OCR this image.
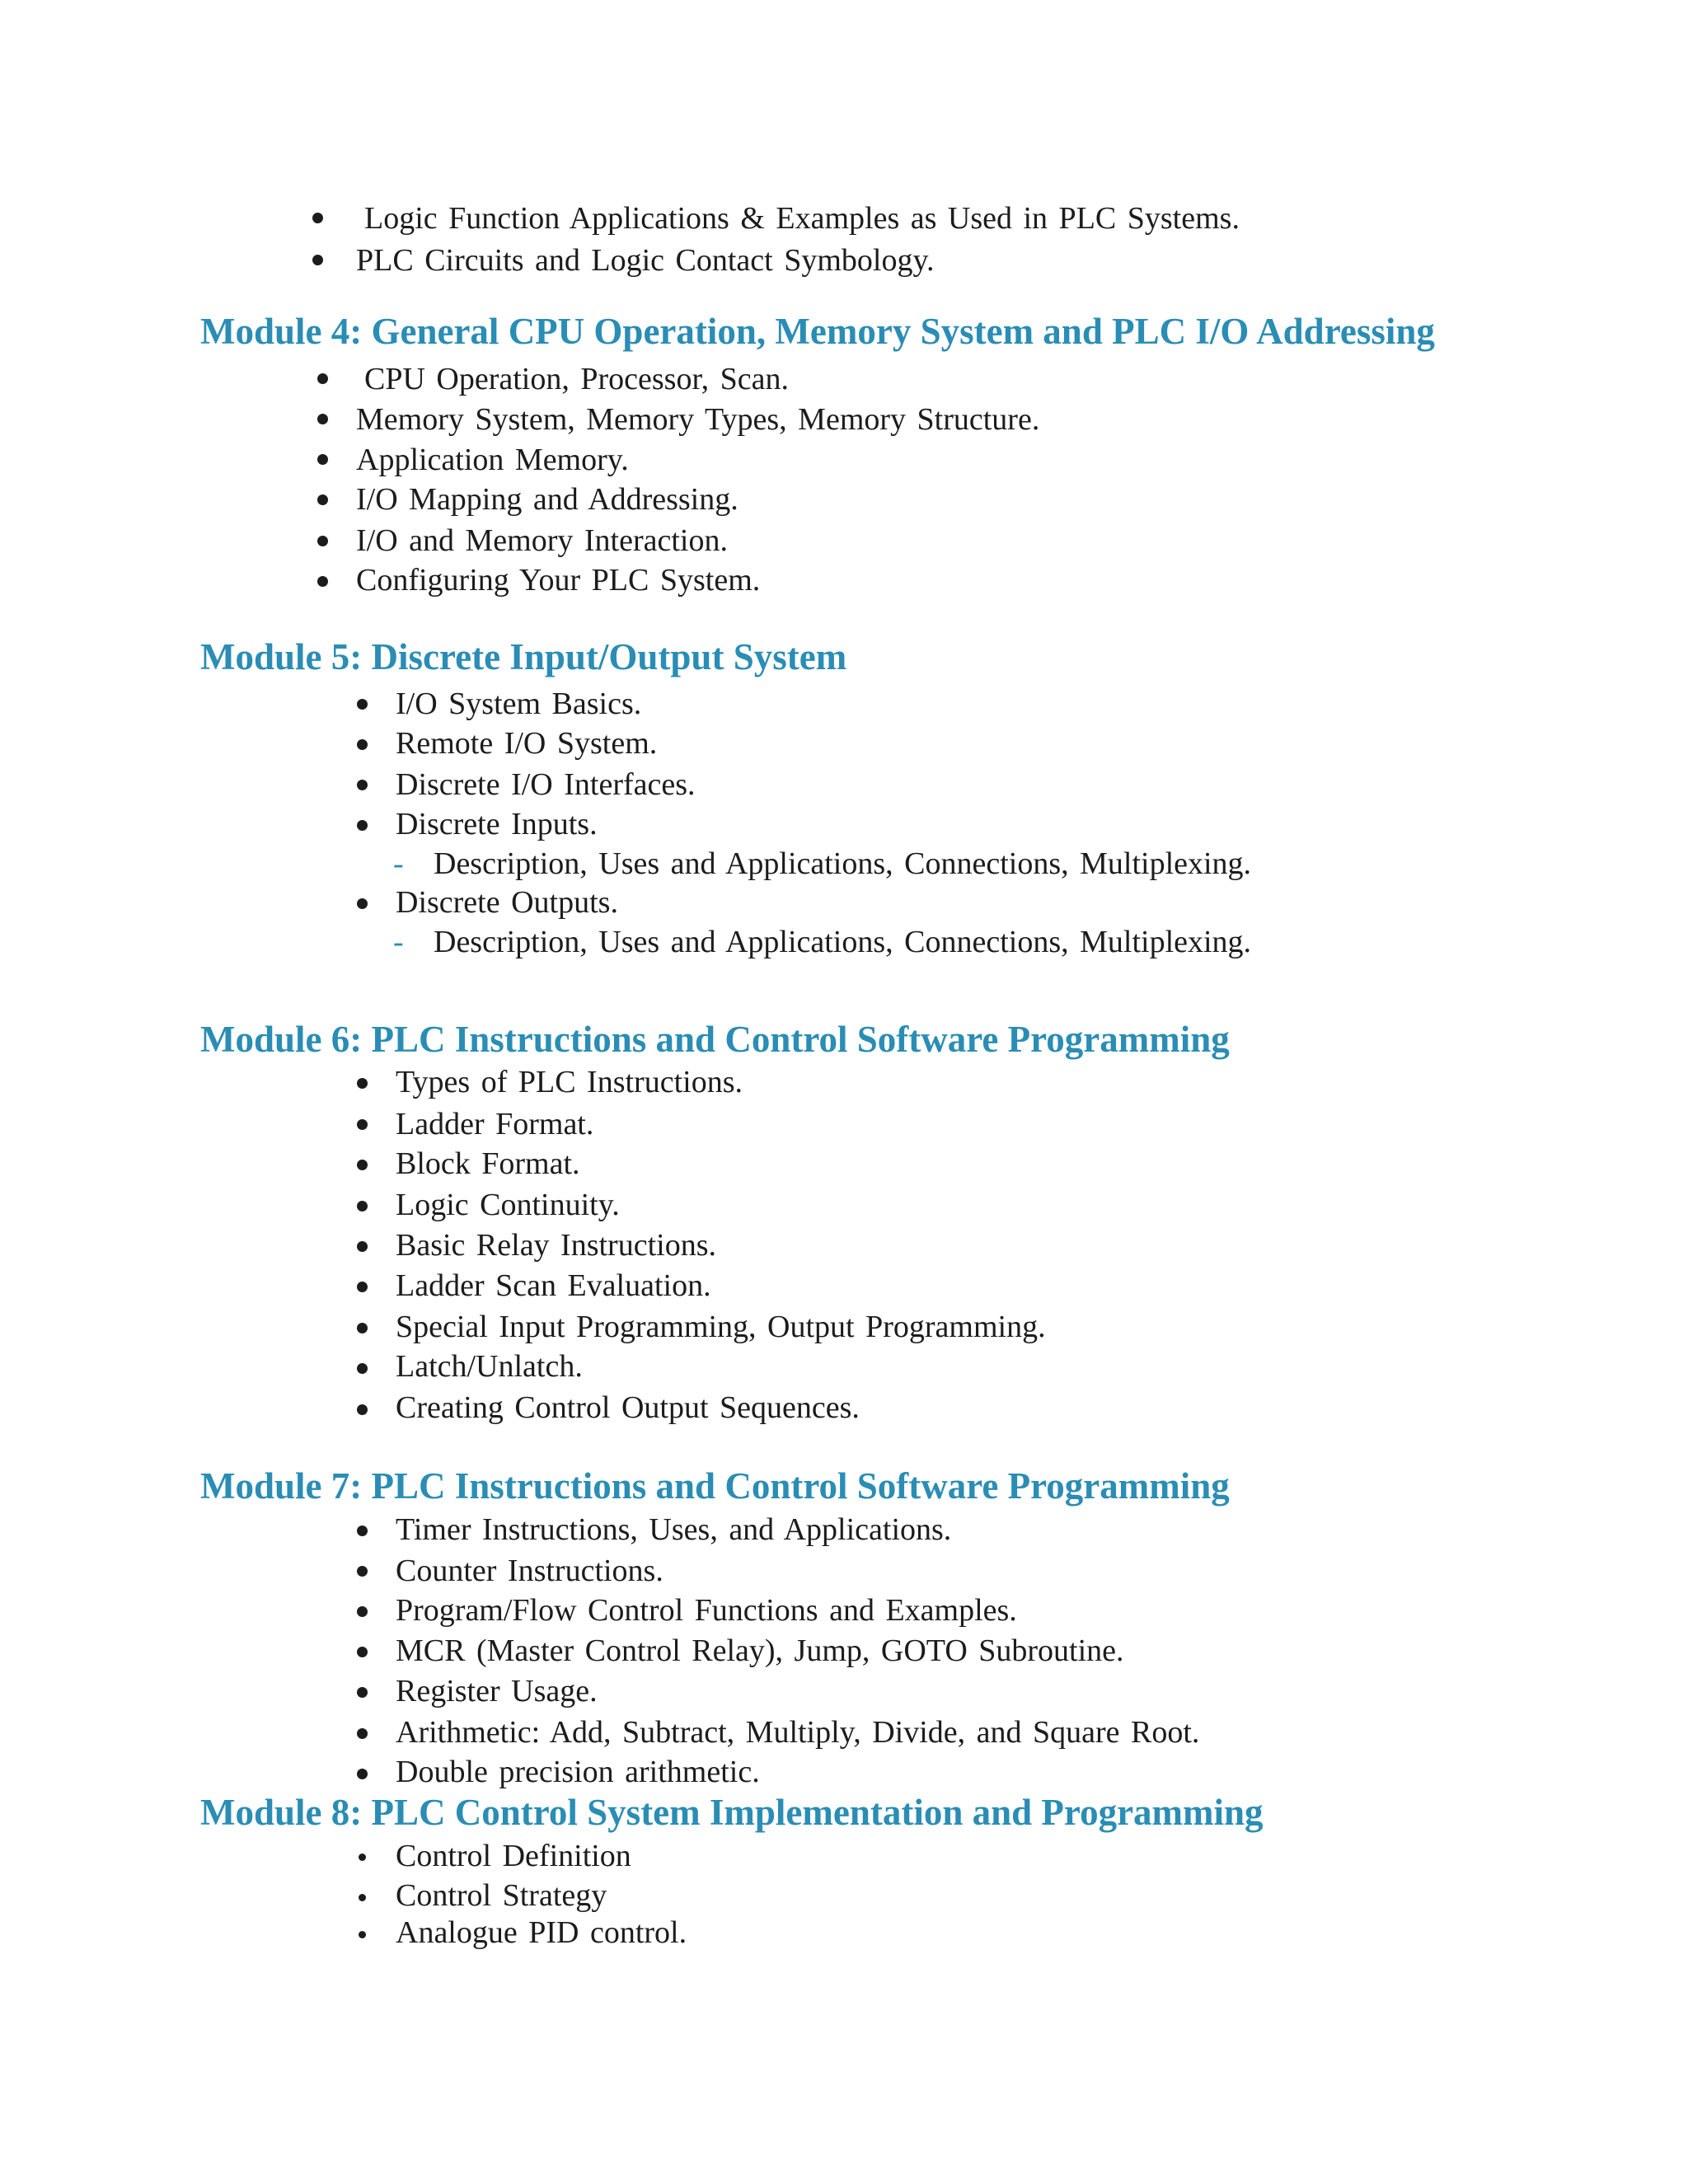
Logic Function Applications & Examples as Used in PLC Systems.
PLC Circuits and Logic Contact Symbology.
Module 4: General CPU Operation, Memory System and PLC I/O Addressing
CPU Operation, Processor, Scan.
Memory System, Memory Types, Memory Structure.
Application Memory.
I/O Mapping and Addressing.
I/O and Memory Interaction.
Configuring Your PLC System.
Module 5: Discrete Input/Output System
I/O System Basics.
Remote I/O System.
Discrete I/O Interfaces.
Discrete Inputs.
- Description, Uses and Applications, Connections, Multiplexing.
Discrete Outputs.
- Description, Uses and Applications, Connections, Multiplexing.
Module 6: PLC Instructions and Control Software Programming
Types of PLC Instructions.
Ladder Format.
Block Format.
Logic Continuity.
Basic Relay Instructions.
Ladder Scan Evaluation.
Special Input Programming, Output Programming.
Latch/Unlatch.
Creating Control Output Sequences.
Module 7: PLC Instructions and Control Software Programming
Timer Instructions, Uses, and Applications.
Counter Instructions.
Program/Flow Control Functions and Examples.
MCR (Master Control Relay), Jump, GOTO Subroutine.
Register Usage.
Arithmetic: Add, Subtract, Multiply, Divide, and Square Root.
Double precision arithmetic.
Module 8: PLC Control System Implementation and Programming
Control Definition
Control Strategy
Analogue PID control.
